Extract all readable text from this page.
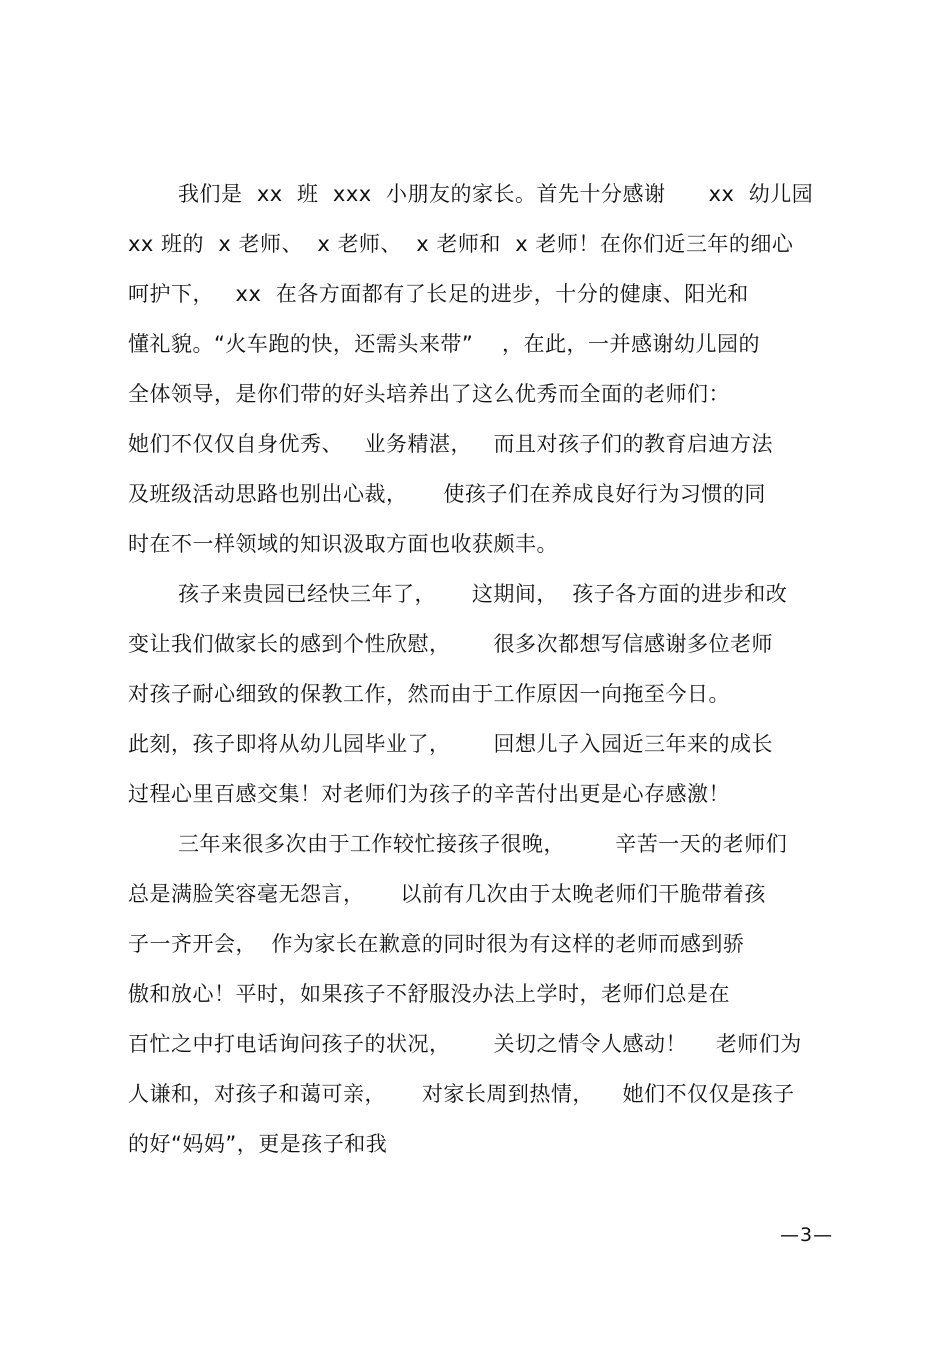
我们是  xx  班  xxx  小朋友的家长。首先十分感谢      xx  幼儿园
xx 班的  x 老师、  x 老师、  x 老师和  x 老师！在你们近三年的细心
呵护下，   xx  在各方面都有了长足的进步，十分的健康、阳光和
懂礼貌。“火车跑的快，还需头来带”    ，在此，一并感谢幼儿园的
全体领导，是你们带的好头培养出了这么优秀而全面的老师们：
她们不仅仅自身优秀、   业务精湛，   而且对孩子们的教育启迪方法
及班级活动思路也别出心裁，     使孩子们在养成良好行为习惯的同
时在不一样领域的知识汲取方面也收获颇丰。
孩子来贵园已经快三年了，     这期间，  孩子各方面的进步和改
变让我们做家长的感到个性欣慰，      很多次都想写信感谢多位老师
对孩子耐心细致的保教工作，然而由于工作原因一向拖至今日。
此刻，孩子即将从幼儿园毕业了，      回想儿子入园近三年来的成长
过程心里百感交集！对老师们为孩子的辛苦付出更是心存感激！
三年来很多次由于工作较忙接孩子很晚，       辛苦一天的老师们
总是满脸笑容毫无怨言，     以前有几次由于太晚老师们干脆带着孩
子一齐开会，  作为家长在歉意的同时很为有这样的老师而感到骄
傲和放心！平时，如果孩子不舒服没办法上学时，老师们总是在
百忙之中打电话询问孩子的状况，      关切之情令人感动！    老师们为
人谦和，对孩子和蔼可亲，     对家长周到热情，    她们不仅仅是孩子
的好“妈妈”，更是孩子和我
—3—
